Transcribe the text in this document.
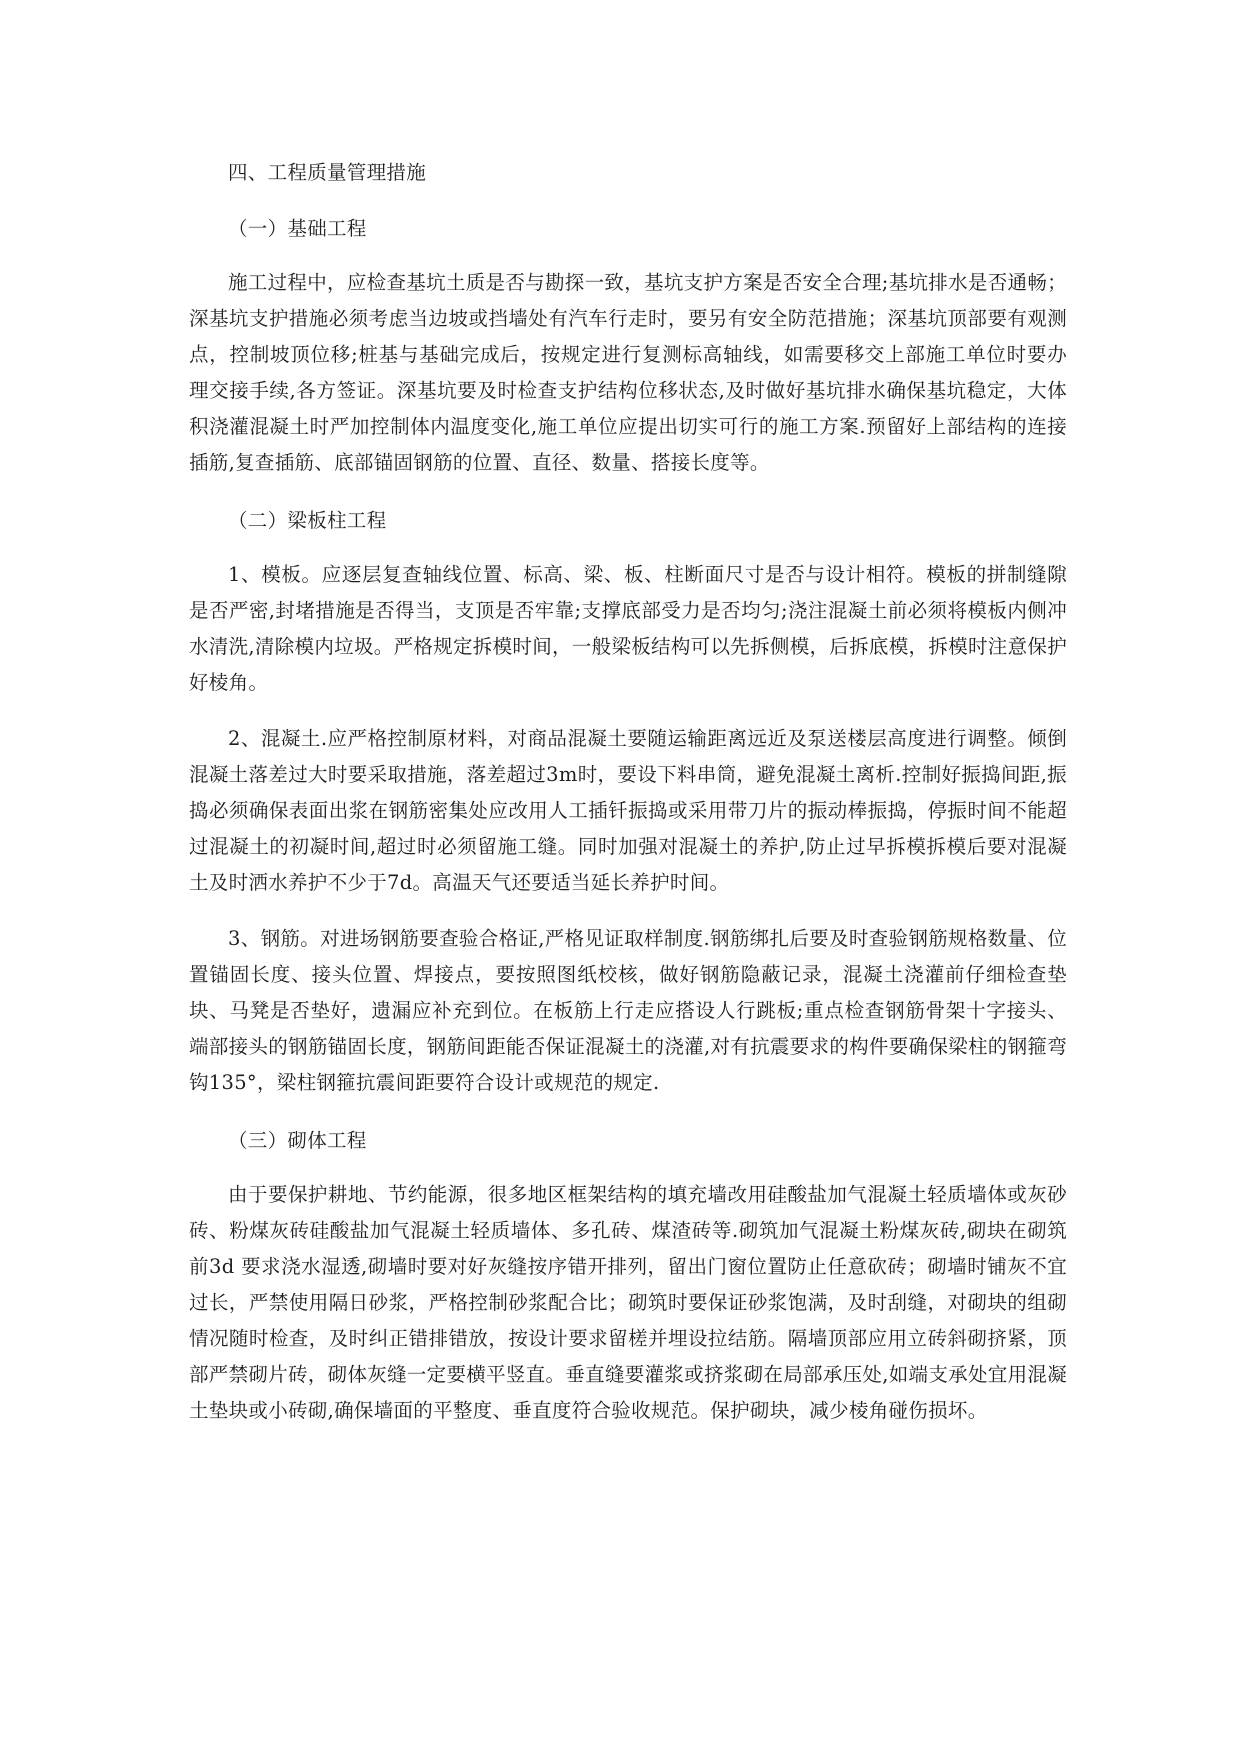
四、工程质量管理措施
（一）基础工程

施工过程中，应检查基坑土质是否与勘探一致，基坑支护方案是否安全合理;基坑排水是否通畅；深基坑支护措施必须考虑当边坡或挡墙处有汽车行走时，要另有安全防范措施；深基坑顶部要有观测点，控制坡顶位移;桩基与基础完成后，按规定进行复测标高轴线，如需要移交上部施工单位时要办理交接手续,各方签证。深基坑要及时检查支护结构位移状态,及时做好基坑排水确保基坑稳定，大体积浇灌混凝土时严加控制体内温度变化,施工单位应提出切实可行的施工方案.预留好上部结构的连接插筋,复查插筋、底部锚固钢筋的位置、直径、数量、搭接长度等。

（二）梁板柱工程

1、模板。应逐层复查轴线位置、标高、梁、板、柱断面尺寸是否与设计相符。模板的拼制缝隙是否严密,封堵措施是否得当，支顶是否牢靠;支撑底部受力是否均匀;浇注混凝土前必须将模板内侧冲水清洗,清除模内垃圾。严格规定拆模时间，一般梁板结构可以先拆侧模，后拆底模，拆模时注意保护好棱角。

2、混凝土.应严格控制原材料，对商品混凝土要随运输距离远近及泵送楼层高度进行调整。倾倒混凝土落差过大时要采取措施，落差超过3m时，要设下料串筒，避免混凝土离析.控制好振捣间距,振捣必须确保表面出浆在钢筋密集处应改用人工插钎振捣或采用带刀片的振动棒振捣，停振时间不能超过混凝土的初凝时间,超过时必须留施工缝。同时加强对混凝土的养护,防止过早拆模拆模后要对混凝土及时洒水养护不少于7d。高温天气还要适当延长养护时间。

3、钢筋。对进场钢筋要查验合格证,严格见证取样制度.钢筋绑扎后要及时查验钢筋规格数量、位置锚固长度、接头位置、焊接点，要按照图纸校核，做好钢筋隐蔽记录，混凝土浇灌前仔细检查垫块、马凳是否垫好，遗漏应补充到位。在板筋上行走应搭设人行跳板;重点检查钢筋骨架十字接头、端部接头的钢筋锚固长度，钢筋间距能否保证混凝土的浇灌,对有抗震要求的构件要确保梁柱的钢箍弯钩135°，梁柱钢箍抗震间距要符合设计或规范的规定.

（三）砌体工程

由于要保护耕地、节约能源，很多地区框架结构的填充墙改用硅酸盐加气混凝土轻质墙体或灰砂砖、粉煤灰砖硅酸盐加气混凝土轻质墙体、多孔砖、煤渣砖等.砌筑加气混凝土粉煤灰砖,砌块在砌筑前3d 要求浇水湿透,砌墙时要对好灰缝按序错开排列，留出门窗位置防止任意砍砖；砌墙时铺灰不宜过长，严禁使用隔日砂浆，严格控制砂浆配合比；砌筑时要保证砂浆饱满，及时刮缝，对砌块的组砌情况随时检查，及时纠正错排错放，按设计要求留槎并埋设拉结筋。隔墙顶部应用立砖斜砌挤紧，顶部严禁砌片砖，砌体灰缝一定要横平竖直。垂直缝要灌浆或挤浆砌在局部承压处,如端支承处宜用混凝土垫块或小砖砌,确保墙面的平整度、垂直度符合验收规范。保护砌块，减少棱角碰伤损坏。
